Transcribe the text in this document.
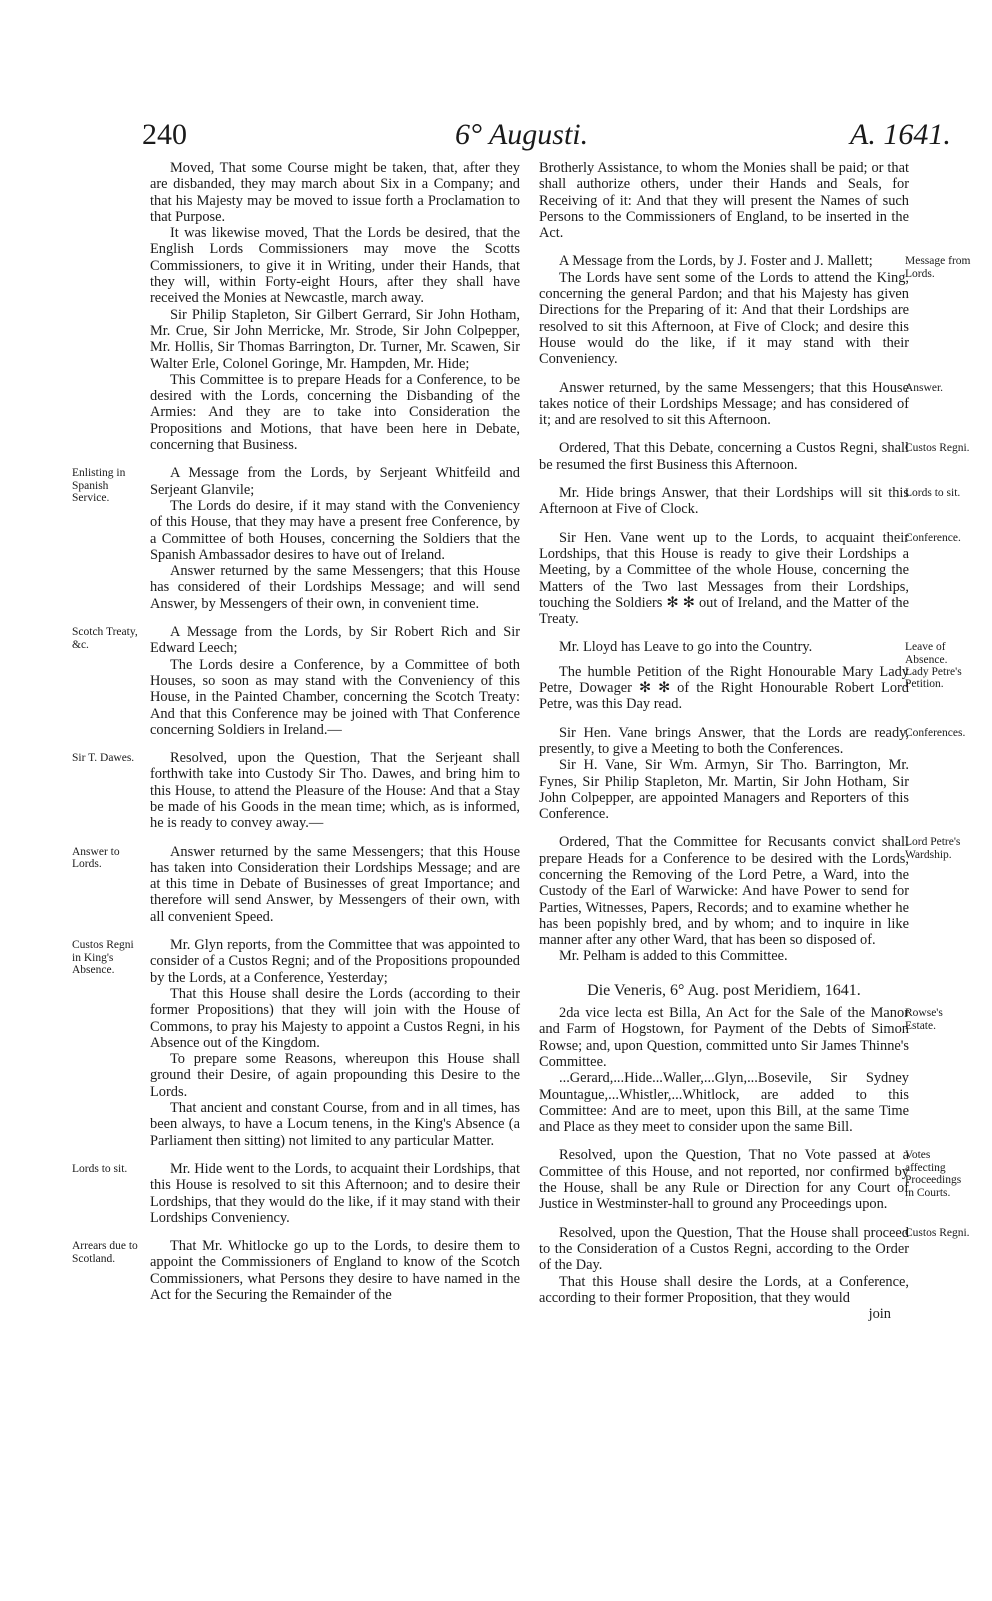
240	6° Augusti.	A. 1641.

Moved, That some Course might be taken, that, after they are disbanded, they may march about Six in a Company; and that his Majesty may be moved to issue forth a Proclamation to that Purpose.

It was likewise moved, That the Lords be desired, that the English Lords Commissioners may move the Scotts Commissioners, to give it in Writing, under their Hands, that they will, within Forty-eight Hours, after they shall have received the Monies at Newcastle, march away.

Sir Philip Stapleton, Sir Gilbert Gerrard, Sir John Hotham, Mr. Crue, Sir John Merricke, Mr. Strode, Sir John Colpepper, Mr. Hollis, Sir Thomas Barrington, Dr. Turner, Mr. Scawen, Sir Walter Erle, Colonel Goringe, Mr. Hampden, Mr. Hide;

This Committee is to prepare Heads for a Conference, to be desired with the Lords, concerning the Disbanding of the Armies: And they are to take into Consideration the Propositions and Motions, that have been here in Debate, concerning that Business.

Enlisting in Spanish Service.

A Message from the Lords, by Serjeant Whitfeild and Serjeant Glanvile;

The Lords do desire, if it may stand with the Conveniency of this House, that they may have a present free Conference, by a Committee of both Houses, concerning the Soldiers that the Spanish Ambassador desires to have out of Ireland.

Answer returned by the same Messengers; that this House has considered of their Lordships Message; and will send Answer, by Messengers of their own, in convenient time.

Scotch Treaty, &c.

A Message from the Lords, by Sir Robert Rich and Sir Edward Leech;

The Lords desire a Conference, by a Committee of both Houses, so soon as may stand with the Conveniency of this House, in the Painted Chamber, concerning the Scotch Treaty: And that this Conference may be joined with That Conference concerning Soldiers in Ireland.—

Sir T. Dawes.	Resolved, upon the Question, That the Serjeant shall forthwith take into Custody Sir Tho. Dawes, and bring him to this House, to attend the Pleasure of the House: And that a Stay be made of his Goods in the mean time; which, as is informed, he is ready to convey away.—

Answer to Lords.

Answer returned by the same Messengers; that this House has taken into Consideration their Lordships Message; and are at this time in Debate of Businesses of great Importance; and therefore will send Answer, by Messengers of their own, with all convenient Speed.

Custos Regni in King's Absence.

Mr. Glyn reports, from the Committee that was appointed to consider of a Custos Regni; and of the Propositions propounded by the Lords, at a Conference, Yesterday;

That this House shall desire the Lords (according to their former Propositions) that they will join with the House of Commons, to pray his Majesty to appoint a Custos Regni, in his Absence out of the Kingdom.

To prepare some Reasons, whereupon this House shall ground their Desire, of again propounding this Desire to the Lords.

That ancient and constant Course, from and in all times, has been always, to have a Locum tenens, in the King's Absence (a Parliament then sitting) not limited to any particular Matter.

Lords to sit.	Mr. Hide went to the Lords, to acquaint their Lordships, that this House is resolved to sit this Afternoon; and to desire their Lordships, that they would do the like, if it may stand with their Lordships Conveniency.

Arrears due to Scotland.

That Mr. Whitlocke go up to the Lords, to desire them to appoint the Commissioners of England to know of the Scotch Commissioners, what Persons they desire to have named in the Act for the Securing the Remainder of the

Brotherly Assistance, to whom the Monies shall be paid; or that shall authorize others, under their Hands and Seals, for Receiving of it: And that they will present the Names of such Persons to the Commissioners of England, to be inserted in the Act.

Message from Lords.

A Message from the Lords, by J. Foster and J. Mallett;

The Lords have sent some of the Lords to attend the King, concerning the general Pardon; and that his Majesty has given Directions for the Preparing of it: And that their Lordships are resolved to sit this Afternoon, at Five of Clock; and desire this House would do the like, if it may stand with their Conveniency.

Answer.

Answer returned, by the same Messengers; that this House takes notice of their Lordships Message; and has considered of it; and are resolved to sit this Afternoon.

Custos Regni.

Ordered, That this Debate, concerning a Custos Regni, shall be resumed the first Business this Afternoon.

Lords to sit.

Mr. Hide brings Answer, that their Lordships will sit this Afternoon at Five of Clock.

Conference.

Sir Hen. Vane went up to the Lords, to acquaint their Lordships, that this House is ready to give their Lordships a Meeting, by a Committee of the whole House, concerning the Matters of the Two last Messages from their Lordships, touching the Soldiers ✻ ✻ out of Ireland, and the Matter of the Treaty.

Leave of Absence.

Mr. Lloyd has Leave to go into the Country.

Lady Petre's Petition.

The humble Petition of the Right Honourable Mary Lady Petre, Dowager ✻ ✻ of the Right Honourable Robert Lord Petre, was this Day read.

Conferences.

Sir Hen. Vane brings Answer, that the Lords are ready, presently, to give a Meeting to both the Conferences.

Sir H. Vane, Sir Wm. Armyn, Sir Tho. Barrington, Mr. Fynes, Sir Philip Stapleton, Mr. Martin, Sir John Hotham, Sir John Colpepper, are appointed Managers and Reporters of this Conference.

Lord Petre's Wardship.

Ordered, That the Committee for Recusants convict shall prepare Heads for a Conference to be desired with the Lords, concerning the Removing of the Lord Petre, a Ward, into the Custody of the Earl of Warwicke: And have Power to send for Parties, Witnesses, Papers, Records; and to examine whether he has been popishly bred, and by whom; and to inquire in like manner after any other Ward, that has been so disposed of.

Mr. Pelham is added to this Committee.

Die Veneris, 6° Aug. post Meridiem, 1641.
Rowse's Estate.

2da vice lecta est Billa, An Act for the Sale of the Manor and Farm of Hogstown, for Payment of the Debts of Simon Rowse; and, upon Question, committed unto Sir James Thinne's Committee.

...Gerard,...Hide...Waller,...Glyn,...Bosevile, Sir Sydney Mountague,...Whistler,...Whitlock, are added to this Committee: And are to meet, upon this Bill, at the same Time and Place as they meet to consider upon the same Bill.

Votes affecting Proceedings in Courts.

Resolved, upon the Question, That no Vote passed at a Committee of this House, and not reported, nor confirmed by the House, shall be any Rule or Direction for any Court of Justice in Westminster-hall to ground any Proceedings upon.

Custos Regni.

Resolved, upon the Question, That the House shall proceed to the Consideration of a Custos Regni, according to the Order of the Day.

That this House shall desire the Lords, at a Conference, according to their former Proposition, that they would

join
